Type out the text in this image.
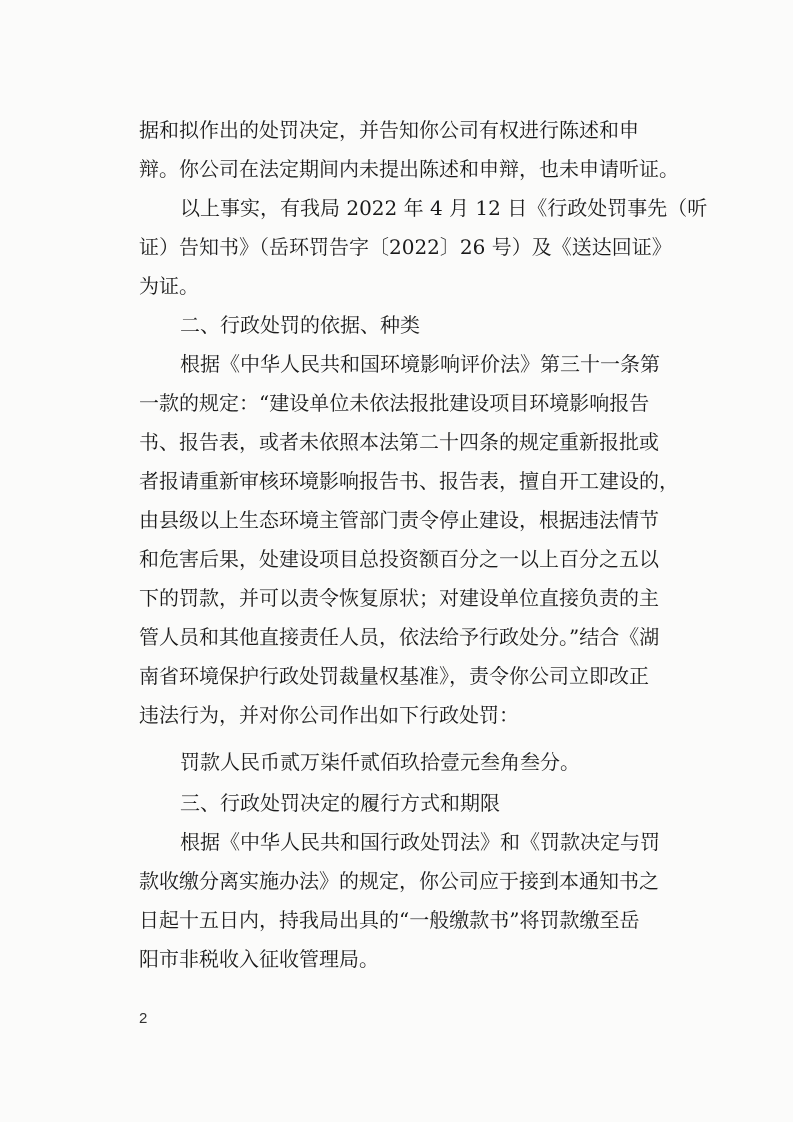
据和拟作出的处罚决定，并告知你公司有权进行陈述和申
辩。你公司在法定期间内未提出陈述和申辩，也未申请听证。
以上事实，有我局 2022 年 4 月 12 日《行政处罚事先（听
证）告知书》（岳环罚告字〔2022〕26 号）及《送达回证》
为证。
二、行政处罚的依据、种类
根据《中华人民共和国环境影响评价法》第三十一条第
一款的规定：“建设单位未依法报批建设项目环境影响报告
书、报告表，或者未依照本法第二十四条的规定重新报批或
者报请重新审核环境影响报告书、报告表，擅自开工建设的，
由县级以上生态环境主管部门责令停止建设，根据违法情节
和危害后果，处建设项目总投资额百分之一以上百分之五以
下的罚款，并可以责令恢复原状；对建设单位直接负责的主
管人员和其他直接责任人员，依法给予行政处分。”结合《湖
南省环境保护行政处罚裁量权基准》，责令你公司立即改正
违法行为，并对你公司作出如下行政处罚：
罚款人民币贰万柒仟贰佰玖拾壹元叁角叁分。
三、行政处罚决定的履行方式和期限
根据《中华人民共和国行政处罚法》和《罚款决定与罚
款收缴分离实施办法》的规定，你公司应于接到本通知书之
日起十五日内，持我局出具的“一般缴款书”将罚款缴至岳
阳市非税收入征收管理局。
2
